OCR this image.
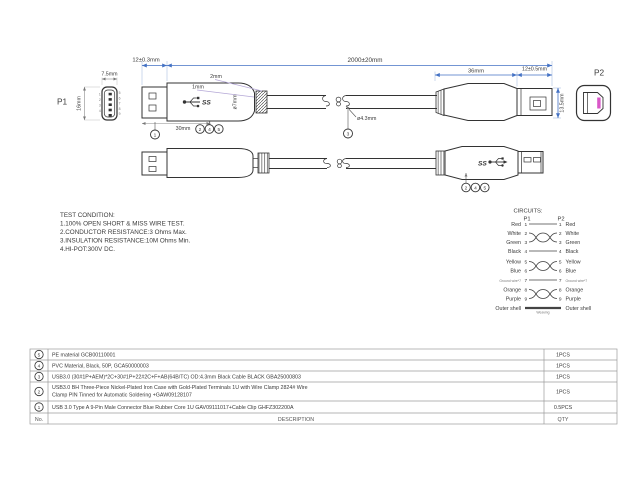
P1
1
2
3
4
5
6
7
8
9
7.5mm
16mm	SS
12±0.3mm	2000±20mm
36mm	12±0.5mm
13.5mm
30mm
2mm
1mm
ø7mm
ø4.3mm
1
2 4 5
3
SS
2 4 5
P2
TEST CONDITION:
1.100% OPEN SHORT & MISS WIRE TEST.
2.CONDUCTOR RESISTANCE:3 Ohms Max.
3.INSULATION RESISTANCE:10M Ohms Min.
4.HI-POT:300V DC.
CIRCUITS:
P1	P2
Red 1	1 Red
White 2	2 White
Green 3	3 Green
Black 4	4 Black
Yellow 5	5 Yellow
Blue 6	6 Blue
Ground wire*7 7	7 Ground wire*7
Orange 8	8 Orange
Purple 9	9 Purple
Outer shell	Outer shell
Weaving
5 PE material GCB00110001	1PCS
4 PVC Material, Black, 50P, GCA50000003	1PCS
3 USB3.0 (30#1P+AEM)*2C+30#1P+22#2C+F+AB(64B/TC) OD:4.3mm Black Cable BLACK GBA25000803	1PCS
2
USB3.0 BH Three-Piece Nickel-Plated Iron Case with Gold-Plated Terminals 1U with Wire Clamp 2824# Wire
Clamp PIN Tinned for Automatic Soldering +GAW09128107	1PCS
1 USB 3.0 Type A 9-Pin Male Connector Blue Rubber Core 1U GAV09111017+Cable Clip GHFZ302200A	0.5PCS
No.	DESCRIPTION	QTY
